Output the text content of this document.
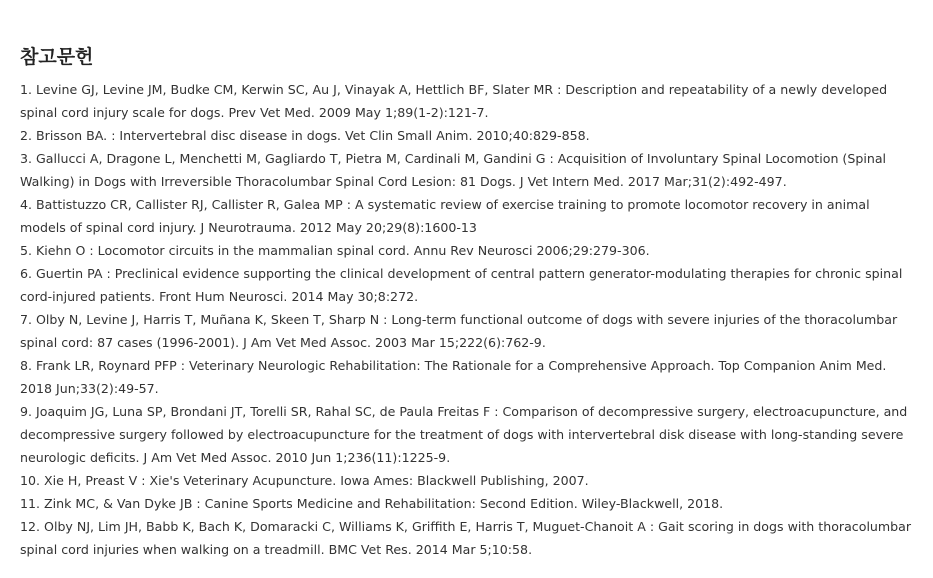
참고문헌
1. Levine GJ, Levine JM, Budke CM, Kerwin SC, Au J, Vinayak A, Hettlich BF, Slater MR : Description and repeatability of a newly developed spinal cord injury scale for dogs. Prev Vet Med. 2009 May 1;89(1-2):121-7.
2. Brisson BA. : Intervertebral disc disease in dogs. Vet Clin Small Anim. 2010;40:829-858.
3. Gallucci A, Dragone L, Menchetti M, Gagliardo T, Pietra M, Cardinali M, Gandini G : Acquisition of Involuntary Spinal Locomotion (Spinal Walking) in Dogs with Irreversible Thoracolumbar Spinal Cord Lesion: 81 Dogs. J Vet Intern Med. 2017 Mar;31(2):492-497.
4. Battistuzzo CR, Callister RJ, Callister R, Galea MP : A systematic review of exercise training to promote locomotor recovery in animal models of spinal cord injury. J Neurotrauma. 2012 May 20;29(8):1600-13
5. Kiehn O : Locomotor circuits in the mammalian spinal cord. Annu Rev Neurosci 2006;29:279-306.
6. Guertin PA : Preclinical evidence supporting the clinical development of central pattern generator-modulating therapies for chronic spinal cord-injured patients. Front Hum Neurosci. 2014 May 30;8:272.
7. Olby N, Levine J, Harris T, Muñana K, Skeen T, Sharp N : Long-term functional outcome of dogs with severe injuries of the thoracolumbar spinal cord: 87 cases (1996-2001). J Am Vet Med Assoc. 2003 Mar 15;222(6):762-9.
8. Frank LR, Roynard PFP : Veterinary Neurologic Rehabilitation: The Rationale for a Comprehensive Approach. Top Companion Anim Med. 2018 Jun;33(2):49-57.
9. Joaquim JG, Luna SP, Brondani JT, Torelli SR, Rahal SC, de Paula Freitas F : Comparison of decompressive surgery, electroacupuncture, and decompressive surgery followed by electroacupuncture for the treatment of dogs with intervertebral disk disease with long-standing severe neurologic deficits. J Am Vet Med Assoc. 2010 Jun 1;236(11):1225-9.
10. Xie H, Preast V : Xie's Veterinary Acupuncture. Iowa Ames: Blackwell Publishing, 2007.
11. Zink MC, & Van Dyke JB : Canine Sports Medicine and Rehabilitation: Second Edition. Wiley-Blackwell, 2018.
12. Olby NJ, Lim JH, Babb K, Bach K, Domaracki C, Williams K, Griffith E, Harris T, Muguet-Chanoit A : Gait scoring in dogs with thoracolumbar spinal cord injuries when walking on a treadmill. BMC Vet Res. 2014 Mar 5;10:58.
